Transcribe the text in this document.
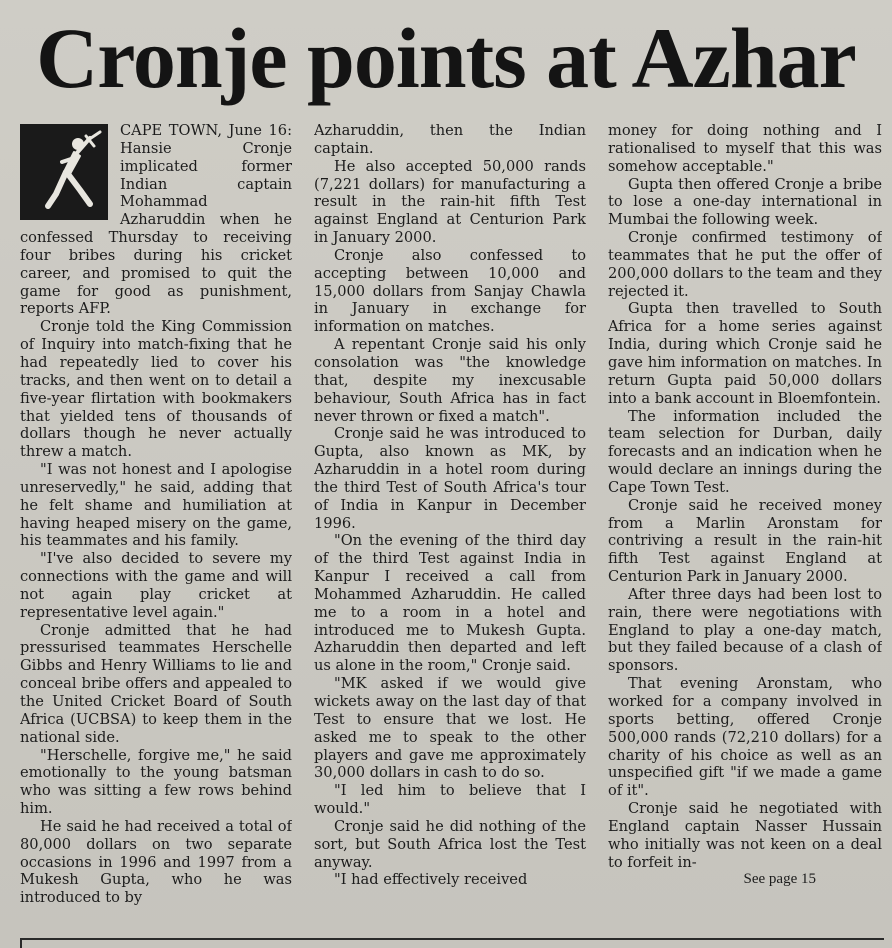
Cronje points at Azhar

CAPE TOWN, June 16: Hansie Cronje implicated former Indian captain Mohammad Azharuddin when he confessed Thursday to receiving four bribes during his cricket career, and promised to quit the game for good as punishment, reports AFP.

Cronje told the King Commission of Inquiry into match-fixing that he had repeatedly lied to cover his tracks, and then went on to detail a five-year flirtation with bookmakers that yielded tens of thousands of dollars though he never actually threw a match.

"I was not honest and I apologise unreservedly," he said, adding that he felt shame and humiliation at having heaped misery on the game, his teammates and his family.

"I've also decided to severe my connections with the game and will not again play cricket at representative level again."

Cronje admitted that he had pressurised teammates Herschelle Gibbs and Henry Williams to lie and conceal bribe offers and appealed to the United Cricket Board of South Africa (UCBSA) to keep them in the national side.

"Herschelle, forgive me," he said emotionally to the young batsman who was sitting a few rows behind him.

He said he had received a total of 80,000 dollars on two separate occasions in 1996 and 1997 from a Mukesh Gupta, who he was introduced to by

Azharuddin, then the Indian captain.

He also accepted 50,000 rands (7,221 dollars) for manufacturing a result in the rain-hit fifth Test against England at Centurion Park in January 2000.

Cronje also confessed to accepting between 10,000 and 15,000 dollars from Sanjay Chawla in January in exchange for information on matches.

A repentant Cronje said his only consolation was "the knowledge that, despite my inexcusable behaviour, South Africa has in fact never thrown or fixed a match".

Cronje said he was introduced to Gupta, also known as MK, by Azharuddin in a hotel room during the third Test of South Africa's tour of India in Kanpur in December 1996.

"On the evening of the third day of the third Test against India in Kanpur I received a call from Mohammed Azharuddin. He called me to a room in a hotel and introduced me to Mukesh Gupta. Azharuddin then departed and left us alone in the room," Cronje said.

"MK asked if we would give wickets away on the last day of that Test to ensure that we lost. He asked me to speak to the other players and gave me approximately 30,000 dollars in cash to do so.

"I led him to believe that I would."

Cronje said he did nothing of the sort, but South Africa lost the Test anyway.

"I had effectively received

money for doing nothing and I rationalised to myself that this was somehow acceptable."

Gupta then offered Cronje a bribe to lose a one-day international in Mumbai the following week.

Cronje confirmed testimony of teammates that he put the offer of 200,000 dollars to the team and they rejected it.

Gupta then travelled to South Africa for a home series against India, during which Cronje said he gave him information on matches. In return Gupta paid 50,000 dollars into a bank account in Bloemfontein.

The information included the team selection for Durban, daily forecasts and an indication when he would declare an innings during the Cape Town Test.

Cronje said he received money from a Marlin Aronstam for contriving a result in the rain-hit fifth Test against England at Centurion Park in January 2000.

After three days had been lost to rain, there were negotiations with England to play a one-day match, but they failed because of a clash of sponsors.

That evening Aronstam, who worked for a company involved in sports betting, offered Cronje 500,000 rands (72,210 dollars) for a charity of his choice as well as an unspecified gift "if we made a game of it".

Cronje said he negotiated with England captain Nasser Hussain who initially was not keen on a deal to forfeit in-

See page 15
